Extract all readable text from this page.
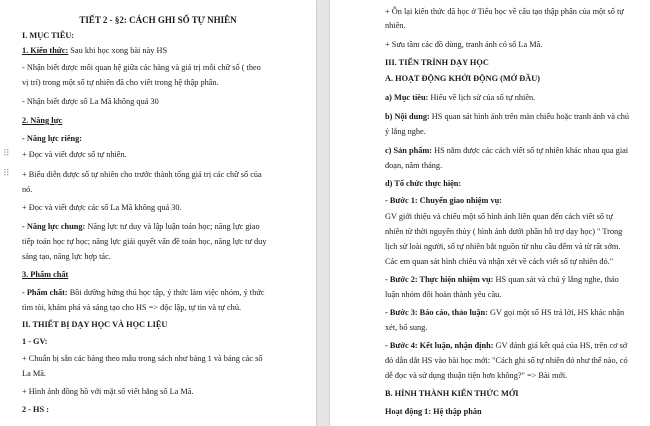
TIẾT 2 - §2: CÁCH GHI SỐ TỰ NHIÊN
I. MỤC TIÊU:
1. Kiến thức: Sau khi học xong bài này HS
- Nhận biết được mối quan hệ giữa các hàng và giá trị mỗi chữ số ( theo
vị trí) trong một số tự nhiên đã cho viết trong hệ thập phân.
- Nhận biết được số La Mã không quá 30
2. Năng lực
- Năng lực riêng:
⠿ + Đọc và viết được số tự nhiên.
⠿ + Biểu diễn được số tự nhiên cho trước thành tổng giá trị các chữ số của
nó.
+ Đọc và viết được các số La Mã không quá 30.
- Năng lực chung: Năng lực tư duy và lập luận toán học; năng lực giao
tiếp toán học tự học; năng lực giải quyết vấn đề toán học, năng lực tư duy
sáng tạo, năng lực hợp tác.
3. Phẩm chất
- Phẩm chất: Bồi dưỡng hứng thú học tập, ý thức làm việc nhóm, ý thức
tìm tòi, khám phá và sáng tạo cho HS => độc lập, tự tin và tự chủ.
II. THIẾT BỊ DẠY HỌC VÀ HỌC LIỆU
1 - GV:
+ Chuẩn bị sẵn các bảng theo mẫu trong sách như bảng 1 và bảng các số
La Mã.
+ Hình ảnh đồng hồ với mặt số viết bằng số La Mã.
2 - HS :
+ Ôn lại kiến thức đã học ở Tiểu học về cấu tạo thập phân của một số tự
nhiên.
+ Sưu tầm các đồ dùng, tranh ảnh có số La Mã.
III. TIẾN TRÌNH DẠY HỌC
A. HOẠT ĐỘNG KHỞI ĐỘNG (MỞ ĐẦU)
a) Mục tiêu: Hiểu về lịch sử của số tự nhiên.
b) Nội dung: HS quan sát hình ảnh trên màn chiếu hoặc tranh ảnh và chú
ý lắng nghe.
c) Sản phẩm: HS nắm được các cách viết số tự nhiên khác nhau qua giai
đoạn, năm tháng.
d) Tổ chức thực hiện:
- Bước 1: Chuyển giao nhiệm vụ:
GV giới thiệu và chiếu một số hình ảnh liên quan đến cách viết số tự
nhiên từ thời nguyên thủy ( hình ảnh dưới phần hỗ trợ dạy học) " Trong
lịch sử loài người, số tự nhiên bắt nguồn từ nhu cầu đếm và từ rất sớm.
Các em quan sát hình chiếu và nhận xét về cách viết số tự nhiên đó."
- Bước 2: Thực hiện nhiệm vụ: HS quan sát và chú ý lắng nghe, thảo
luận nhóm đôi hoàn thành yêu cầu.
- Bước 3: Báo cáo, thảo luận: GV gọi một số HS trả lời, HS khác nhận
xét, bổ sung.
- Bước 4: Kết luận, nhận định: GV đánh giá kết quả của HS, trên cơ sở
đó dẫn dắt HS vào bài học mới: "Cách ghi số tự nhiên đó như thế nào, có
dễ đọc và sử dụng thuận tiện hơn không?" => Bài mới.
B. HÌNH THÀNH KIẾN THỨC MỚI
Hoạt động 1: Hệ thập phân
